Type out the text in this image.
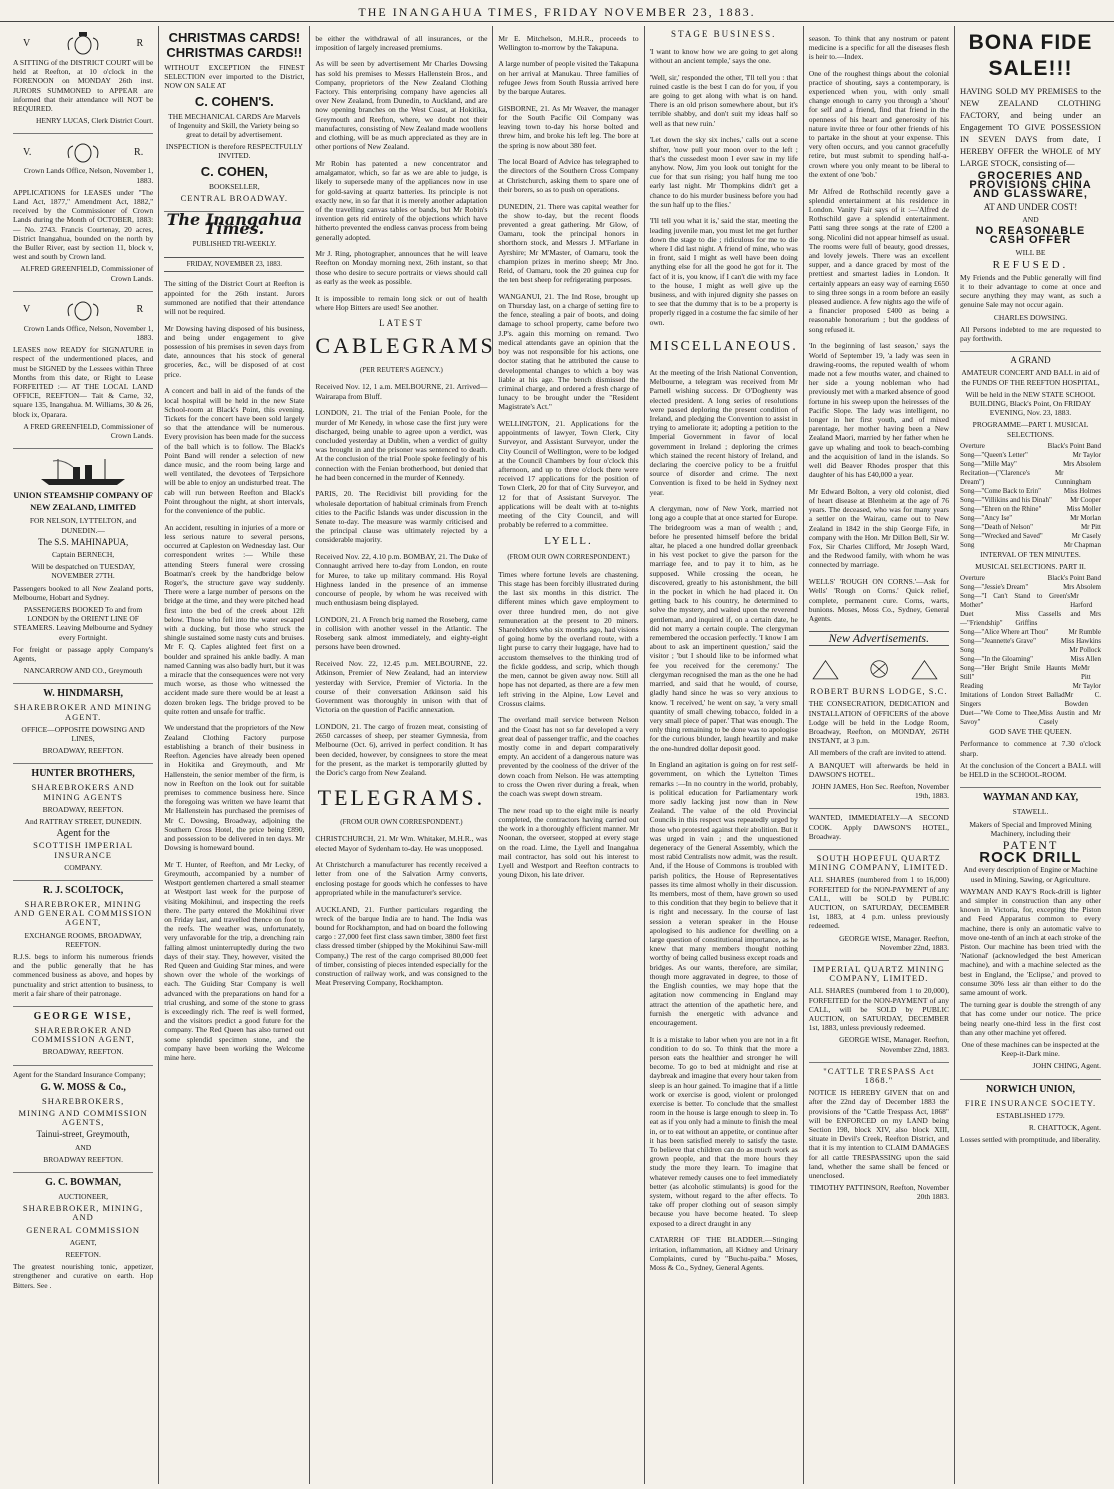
THE INANGAHUA TIMES, FRIDAY NOVEMBER 23, 1883.
V	R

A SITTING of the DISTRICT COURT will be held at Reefton, at 10 o'clock in the FORENOON on MONDAY 26th inst. JURORS SUMMONED to APPEAR are informed that their attendance will NOT be REQUIRED.

HENRY LUCAS, Clerk District Court.

V.	R.

Crown Lands Office, Nelson, November 1, 1883.

APPLICATIONS for LEASES under "The Land Act, 1877," Amendment Act, 1882," received by the Commissioner of Crown Lands during the Month of OCTOBER, 1883:— No. 2743. Francis Courtenay, 20 acres, District Inangahua, bounded on the north by the Buller River, east by section 11, block v, west and south by Crown land.

ALFRED GREENFIELD, Commissioner of Crown Lands.

V	R

Crown Lands Office, Nelson, November 1, 1883.

LEASES now READY for SIGNATURE in respect of the undermentioned places, and must be SIGNED by the Lessees within Three Months from this date, or Right to Lease FORFEITED :— AT THE LOCAL LAND OFFICE, REEFTON— Tait & Carne, 32, square 135, Inangahua. M. Williams, 30 & 26, block ix, Oparara.

A FRED GREENFIELD, Commissioner of Crown Lands.

UNION STEAMSHIP COMPANY OF NEW ZEALAND, LIMITED

FOR NELSON, LYTTELTON, and DUNEDIN.—

The S.S. MAHINAPUA,

Captain BERNECH,

Will be despatched on TUESDAY, NOVEMBER 27TH.

Passengers booked to all New Zealand ports, Melbourne, Hobart and Sydney.

PASSENGERS BOOKED To and from LONDON by the ORIENT LINE OF STEAMERS. Leaving Melbourne and Sydney every Fortnight.

For freight or passage apply Company's Agents,

NANCARROW AND CO., Greymouth

W. HINDMARSH,

SHAREBROKER AND MINING AGENT.

OFFICE—OPPOSITE DOWSING AND LINES,

BROADWAY, REEFTON.

HUNTER BROTHERS,

SHAREBROKERS AND MINING AGENTS

BROADWAY, REEFTON.

And RATTRAY STREET, DUNEDIN.

Agent for the

SCOTTISH IMPERIAL INSURANCE

COMPANY.

R. J. SCOLTOCK,

SHAREBROKER, MINING AND GENERAL COMMISSION AGENT,

EXCHANGE ROOMS, BROADWAY, REEFTON.

R.J.S. begs to inform his numerous friends and the public generally that he has commenced business as above, and hopes by punctuality and strict attention to business, to merit a fair share of their patronage.

GEORGE WISE,

SHAREBROKER AND COMMISSION AGENT,

BROADWAY, REEFTON.

Agent for the Standard Insurance Company;

G. W. MOSS & Co.,

SHAREBROKERS,

MINING AND COMMISSION AGENTS,

Tainui-street, Greymouth,

AND

BROADWAY REEFTON.

G. C. BOWMAN,

AUCTIONEER,

SHAREBROKER, MINING, AND

GENERAL COMMISSION

AGENT,

REEFTON.

The greatest nourishing tonic, appetizer, strengthener and curative on earth. Hop Bitters. See .

CHRISTMAS CARDS! CHRISTMAS CARDS!!

WITHOUT EXCEPTION the FINEST SELECTION ever imported to the District, NOW ON SALE AT

C. COHEN'S.

THE MECHANICAL CARDS Are Marvels of Ingenuity and Skill, the Variety being so great to detail by advertisement.

INSPECTION is therefore RESPECTFULLY INVITED.

C. COHEN,

BOOKSELLER,

CENTRAL BROADWAY.

The Inangahua Times.

PUBLISHED TRI-WEEKLY.

FRIDAY, NOVEMBER 23, 1883.

The sitting of the District Court at Reefton is appointed for the 26th instant. Jurors summoned are notified that their attendance will not be required.

Mr Dowsing having disposed of his business, and being under engagement to give possession of his premises in seven days from date, announces that his stock of general groceries, &c., will be disposed of at cost price.

A concert and ball in aid of the funds of the local hospital will be held in the new State School-room at Black's Point, this evening. Tickets for the concert have been sold largely so that the attendance will be numerous. Every provision has been made for the success of the ball which is to follow. The Black's Point Band will render a selection of new dance music, and the room being large and well ventilated, the devotees of Terpsichore will be able to enjoy an undisturbed treat. The cab will run between Reefton and Black's Point throughout the night, at short intervals, for the convenience of the public.

An accident, resulting in injuries of a more or less serious nature to several persons, occurred at Capleston on Wednesday last. Our correspondent writes :— While these attending Steers funeral were crossing Boatman's creek by the handbridge below Roger's, the structure gave way suddenly. There were a large number of persons on the bridge at the time, and they were pitched head first into the bed of the creek about 12ft below. Those who fell into the water escaped with a ducking, but those who struck the shingle sustained some nasty cuts and bruises. Mr F. Q. Caples alighted feet first on a boulder and sprained his ankle badly. A man named Canning was also badly hurt, but it was a miracle that the consequences were not very much worse, as those who witnessed the accident made sure there would be at least a dozen broken legs. The bridge proved to be quite rotten and unsafe for traffic.

We understand that the proprietors of the New Zealand Clothing Factory purpose establishing a branch of their business in Reefton. Agencies have already been opened in Hokitika and Greymouth, and Mr Hallenstein, the senior member of the firm, is now in Reefton on the look out for suitable premises to commence business here. Since the foregoing was written we have learnt that Mr Hallenstein has purchased the premises of Mr C. Dowsing, Broadway, adjoining the Southern Cross Hotel, the price being £890, and possession to be delivered in ten days. Mr Dowsing is homeward bound.

Mr T. Hunter, of Reefton, and Mr Lecky, of Greymouth, accompanied by a number of Westport gentlemen chartered a small steamer at Westport last week for the purpose of visiting Mokihinui, and inspecting the reefs there. The party entered the Mokihinui river on Friday last, and travelled thence on foot to the reefs. The weather was, unfortunately, very unfavorable for the trip, a drenching rain falling almost uninterruptedly during the two days of their stay. They, however, visited the Red Queen and Guiding Star mines, and were shown over the whole of the workings of each. The Guiding Star Company is well advanced with the preparations on hand for a trial crushing, and some of the stone to grass is exceedingly rich. The reef is well formed, and the visitors predict a good future for the company. The Red Queen has also turned out some splendid specimen stone, and the company have been working the Welcome mine here.

be either the withdrawal of all insurances, or the imposition of largely increased premiums.

As will be seen by advertisement Mr Charles Dowsing has sold his premises to Messrs Hallenstein Bros., and Company, proprietors of the New Zealand Clothing Factory. This enterprising company have agencies all over New Zealand, from Dunedin, to Auckland, and are now opening branches on the West Coast, at Hokitika, Greymouth and Reefton, where, we doubt not their manufactures, consisting of New Zealand made woollens and clothing, will be as much appreciated as they are in other portions of New Zealand.

Mr Robin has patented a new concentrator and amalgamator, which, so far as we are able to judge, is likely to supersede many of the appliances now in use for gold-saving at quartz batteries. Its principle is not exactly new, in so far that it is merely another adaptation of the travelling canvas tables or bands, but Mr Robin's invention gets rid entirely of the objections which have hitherto prevented the endless canvas process from being generally adopted.

Mr J. Ring, photographer, announces that he will leave Reefton on Monday morning next, 26th instant, so that those who desire to secure portraits or views should call as early as the week as possible.

It is impossible to remain long sick or out of health where Hop Bitters are used! See another.

LATEST

CABLEGRAMS

(PER REUTER'S AGENCY.)

Received Nov. 12, 1 a.m. MELBOURNE, 21. Arrived—Wairarapa from Bluff.

LONDON, 21. The trial of the Fenian Poole, for the murder of Mr Kenedy, in whose case the first jury were discharged, being unable to agree upon a verdict, was concluded yesterday at Dublin, when a verdict of guilty was brought in and the prisoner was sentenced to death. At the conclusion of the trial Poole spoke feelingly of his connection with the Fenian brotherhood, but denied that he had been concerned in the murder of Kennedy.

PARIS, 20. The Recidivist bill providing for the wholesale deportation of habitual criminals from French cities to the Pacific Islands was under discussion in the Senate to-day. The measure was warmly criticised and the principal clause was ultimately rejected by a considerable majority.

Received Nov. 22, 4.10 p.m. BOMBAY, 21. The Duke of Connaught arrived here to-day from London, en route for Muree, to take up military command. His Royal Highness landed in the presence of an immense concourse of people, by whom he was received with much enthusiasm being displayed.

LONDON, 21. A French brig named the Roseberg, came in collision with another vessel in the Atlantic. The Roseberg sank almost immediately, and eighty-eight persons have been drowned.

Received Nov. 22, 12.45 p.m. MELBOURNE, 22. Atkinson, Premier of New Zealand, had an interview yesterday with Service, Premier of Victoria. In the course of their conversation Atkinson said his Government was thoroughly in unison with that of Victoria on the question of Pacific annexation.

LONDON, 21. The cargo of frozen meat, consisting of 2650 carcasses of sheep, per steamer Gymnesia, from Melbourne (Oct. 6), arrived in perfect condition. It has been decided, however, by consignees to store the meat for the present, as the market is temporarily glutted by the Doric's cargo from New Zealand.

TELEGRAMS.

(FROM OUR OWN CORRESPONDENT.)

CHRISTCHURCH, 21. Mr Wm. Whitaker, M.H.R., was elected Mayor of Sydenham to-day. He was unopposed.

At Christchurch a manufacturer has recently received a letter from one of the Salvation Army converts, enclosing postage for goods which he confesses to have appropriated while in the manufacturer's service.

AUCKLAND, 21. Further particulars regarding the wreck of the barque India are to hand. The India was bound for Rockhampton, and had on board the following cargo : 27,000 feet first class sawn timber, 3800 feet first class dressed timber (shipped by the Mokihinui Saw-mill Company,) The rest of the cargo comprised 80,000 feet of timber, consisting of pieces intended especially for the construction of railway work, and was consigned to the Meat Preserving Company, Rockhampton.

Mr E. Mitchelson, M.H.R., proceeds to Wellington to-morrow by the Takapuna.

A large number of people visited the Takapuna on her arrival at Manukau. Three families of refugee Jews from South Russia arrived here by the barque Autares.

GISBORNE, 21. As Mr Weaver, the manager for the South Pacific Oil Company was leaving town to-day his horse bolted and threw him, and broke his left leg. The bore at the spring is now about 380 feet.

The local Board of Advice has telegraphed to the directors of the Southern Cross Company at Christchurch, asking them to spare one of their borers, so as to push on operations.

DUNEDIN, 21. There was capital weather for the show to-day, but the recent floods prevented a great gathering. Mr Glow, of Oamaru, took the principal honors in shorthorn stock, and Messrs J. M'Farlane in Ayrshire; Mr M'Master, of Oamaru, took the champion prizes in merino sheep; Mr Jno. Reid, of Oamaru, took the 20 guinea cup for the ten best sheep for refrigerating purposes.

WANGANUI, 21. The Ind Rose, brought up on Thursday last, on a charge of setting fire to the fence, stealing a pair of boots, and doing damage to school property, came before two J.P's. again this morning on remand. Two medical attendants gave an opinion that the boy was not responsible for his actions, one doctor stating that he attributed the cause to developmental changes to which a boy was liable at his age. The bench dismissed the criminal charge, and ordered a fresh charge of lunacy to be brought under the "Resident Magistrate's Act."

WELLINGTON, 21. Applications for the appointments of lawyer, Town Clerk, City Surveyor, and Assistant Surveyor, under the City Council of Wellington, were to be lodged at the Council Chambers by four o'clock this afternoon, and up to three o'clock there were received 17 applications for the position of Town Clerk, 20 for that of City Surveyor, and 12 for that of Assistant Surveyor. The applications will be dealt with at to-nights meeting of the City Council, and will probably be referred to a committee.

LYELL.

(FROM OUR OWN CORRESPONDENT.)

Times where fortune levels are chastening. This stage has been forcibly illustrated during the last six months in this district. The different mines which gave employment to over three hundred men, do not give remuneration at the present to 20 miners. Shareholders who six months ago, had visions of going home by the overland route, with a light purse to carry their luggage, have had to accustom themselves to the thinking trod of the fickle goddess, and scrip, which though the men, cannot be given away now. Still all hope has not departed, as there are a few men left striving in the Alpine, Low Level and Crossus claims.

The overland mail service between Nelson and the Coast has not so far developed a very great deal of passenger traffic, and the coaches mostly come in and depart comparatively empty. An accident of a dangerous nature was prevented by the coolness of the driver of the down coach from Nelson. He was attempting to cross the Owen river during a freak, when the coach was swept down stream.

The new road up to the eight mile is nearly completed, the contractors having carried out the work in a thoroughly efficient manner. Mr Noonan, the overseer, stopped at every stage on the road. Lime, the Lyell and Inangahua mail contractor, has sold out his interest to Lyell and Westport and Reefton contracts to young Dixon, his late driver.

STAGE BUSINESS.

'I want to know how we are going to get along without an ancient temple,' says the one.

'Well, sir,' responded the other, 'I'll tell you : that ruined castle is the best I can do for you, if you are going to get along with what is on hand. There is an old prison somewhere about, but it's terrible shabby, and don't suit my ideas half so well as that new ruin.'

'Let down the sky six inches,' calls out a scene shifter, 'now pull your moon over to the left ; that's the cussedest moon I ever saw in my life anyhow. Now, Jim you look out tonight for the cue for that sun rising; you half hung me too early last night. Mr Thompkins didn't get a chance to do his murder business before you had the sun half up to the flies.'

'I'll tell you what it is,' said the star, meeting the leading juvenile man, you must let me get further down the stage to die ; ridiculous for me to die where I did last night. A friend of mine, who was in front, said I might as well have been doing anything else for all the good he got for it. The fact of it is, you know, if I can't die with my face to the house, I might as well give up the business, and with injured dignity she passes on to see that the dummy that is to be a property is properly rigged in a costume the fac simile of her own.

MISCELLANEOUS.

At the meeting of the Irish National Convention, Melbourne, a telegram was received from Mr Parnell wishing success. Dr O'Doghenty was elected president. A long series of resolutions were passed deploring the present condition of Ireland, and pledging the Convention to assist in trying to ameliorate it; adopting a petition to the Imperial Government in favor of local government in Ireland ; deploring the crimes which stained the recent history of Ireland, and declaring the coercive policy to be a fruitful source of disorder and crime. The next Convention is fixed to be held in Sydney next year.

A clergyman, now of New York, married not long ago a couple that at once started for Europe. The bridegroom was a man of wealth ; and, before he presented himself before the bridal altar, he placed a one hundred dollar greenback in his vest pocket to give the parson for the marriage fee, and to pay it to him, as he supposed. While crossing the ocean, he discovered, greatly to his astonishment, the bill in the pocket in which he had placed it. On getting back to his country, he determined to solve the mystery, and waited upon the reverend gentleman, and inquired if, on a certain date, he did not marry a certain couple. The clergyman remembered the occasion perfectly. 'I know I am about to ask an impertinent question,' said the visitor ; 'but I should like to be informed what fee you received for the ceremony.' The clergyman recognised the man as the one he had married, and said that he would, of course, gladly hand since he was so very anxious to know. 'I received,' he went on say, 'a very small quantity of small chewing tobacco, folded in a very small piece of paper.' That was enough. The only thing remaining to be done was to apologise for the curious blunder, laugh heartily and make the one-hundred dollar deposit good.

In England an agitation is going on for rest self-government, on which the Lyttelton Times remarks :—In no country in the world, probably, is political education for Parliamentary work more sadly lacking just now than in New Zealand. The value of the old Provincial Councils in this respect was repeatedly urged by those who protested against their abolition. But it was urged in vain ; and the unquestioned degeneracy of the General Assembly, which the most rabid Centralists now admit, was the result. And, if the House of Commons is troubled with parish politics, the House of Representatives passes its time almost wholly in their discussion. Its members, most of them, have grown so used to this condition that they begin to believe that it is right and necessary. In the course of last session a veteran speaker in the House apologised to his audience for dwelling on a large question of constitutional importance, as he knew that many members thought nothing worthy of being called business except roads and bridges. As our wants, therefore, are similar, though more aggravated in degree, to those of the English counties, we may hope that the agitation now commencing in England may attract the attention of the apathetic here, and furnish the energetic with advance and encouragement.

It is a mistake to labor when you are not in a fit condition to do so. To think that the more a person eats the healthier and stronger he will become. To go to bed at midnight and rise at daybreak and imagine that every hour taken from sleep is an hour gained. To imagine that if a little work or exercise is good, violent or prolonged exercise is better. To conclude that the smallest room in the house is large enough to sleep in. To eat as if you only had a minute to finish the meal in, or to eat without an appetite, or continue after it has been satisfied merely to satisfy the taste. To believe that children can do as much work as grown people, and that the more hours they study the more they learn. To imagine that whatever remedy causes one to feel immediately better (as alcoholic stimulants) is good for the system, without regard to the after effects. To take off proper clothing out of season simply because you have become heated. To sleep exposed to a direct draught in any

CATARRH OF THE BLADDER.—Stinging irritation, inflammation, all Kidney and Urinary Complaints, cured by "Buchu-paiba." Moses, Moss & Co., Sydney, General Agents.

season. To think that any nostrum or patent medicine is a specific for all the diseases flesh is heir to.—Index.

One of the roughest things about the colonial practice of shouting, says a contemporary, is experienced when you, with only small change enough to carry you through a 'shout' for self and a friend, find that friend in the openness of his heart and generosity of his nature invite three or four other friends of his to partake in the shout at your expense. This very often occurs, and you cannot gracefully retire, but must submit to spending half-a-crown where you only meant to be liberal to the extent of one 'bob.'

Mr Alfred de Rothschild recently gave a splendid entertainment at his residence in London. Vanity Fair says of it :—'Alfred de Rothschild gave a splendid entertainment. Patti sang three songs at the rate of £200 a song. Nicolini did not appear himself as usual. The rooms were full of beauty, good dresses, and lovely jewels. There was an excellent supper, and a dance graced by most of the prettiest and smartest ladies in London. It certainly appears an easy way of earning £650 to sing three songs in a room before an easily pleased audience. A few nights ago the wife of a financier proposed £400 as being a reasonable honorarium ; but the goddess of song refused it.

'In the beginning of last season,' says the World of September 19, 'a lady was seen in drawing-rooms, the reputed wealth of whom made not a few mouths water, and chained to her side a young nobleman who had previously met with a marked absence of good fortune in his sweep upon the heiresses of the Pacific Slope. The lady was intelligent, no longer in her first youth, and of mixed parentage, her mother having been a New Zealand Maori, married by her father when he gave up whaling and took to beach-combing and the acquisition of land in the islands. So well did Beaver Rhodes prosper that this daughter of his has £40,000 a year.

Mr Edward Bolton, a very old colonist, died of heart disease at Blenheim at the age of 76 years. The deceased, who was for many years a settler on the Wairau, came out to New Zealand in 1842 in the ship George Fife, in company with the Hon. Mr Dillon Bell, Sir W. Fox, Sir Charles Clifford, Mr Joseph Ward, and the Redwood family, with whom he was connected by marriage.

WELLS' 'ROUGH ON CORNS.'—Ask for Wells' 'Rough on Corns.' Quick relief, complete, permanent cure. Corns, warts, bunions. Moses, Moss Co., Sydney, General Agents.

New Advertisements.

ROBERT BURNS LODGE, S.C.

THE CONSECRATION, DEDICATION and INSTALLATION of OFFICERS of the above Lodge will be held in the Lodge Room, Broadway, Reefton, on MONDAY, 26TH INSTANT, at 3 p.m.

All members of the craft are invited to attend.

A BANQUET will afterwards be held in DAWSON'S HOTEL.

JOHN JAMES, Hon Sec. Reefton, November 19th, 1883.

WANTED, IMMEDIATELY—A SECOND COOK. Apply DAWSON'S HOTEL, Broadway.

SOUTH HOPEFUL QUARTZ MINING COMPANY, LIMITED.

ALL SHARES (numbered from 1 to 16,000) FORFEITED for the NON-PAYMENT of any CALL, will be SOLD by PUBLIC AUCTION, on SATURDAY, DECEMBER 1st, 1883, at 4 p.m. unless previously redeemed.

GEORGE WISE, Manager. Reefton, November 22nd, 1883.

IMPERIAL QUARTZ MINING COMPANY, LIMITED.

ALL SHARES (numbered from 1 to 20,000), FORFEITED for the NON-PAYMENT of any CALL, will be SOLD by PUBLIC AUCTION, on SATURDAY, DECEMBER 1st, 1883, unless previously redeemed.

GEORGE WISE, Manager. Reefton, November 22nd, 1883.

"CATTLE TRESPASS Act 1868."

NOTICE IS HEREBY GIVEN that on and after the 22nd day of December 1883 the provisions of the "Cattle Trespass Act, 1868" will be ENFORCED on my LAND being Section 198, block XIV, also block XIII, situate in Devil's Creek, Reefton District, and that it is my intention to CLAIM DAMAGES for all cattle TRESPASSING upon the said land, whether the same shall be fenced or unenclosed.

TIMOTHY PATTINSON, Reefton, November 20th 1883.

BONA FIDE SALE!!!

HAVING SOLD MY PREMISES to the NEW ZEALAND CLOTHING FACTORY, and being under an Engagement TO GIVE POSSESSION IN SEVEN DAYS from date, I HEREBY OFFER the WHOLE of MY LARGE STOCK, consisting of—

GROCERIES AND PROVISIONS CHINA AND GLASSWARE,

AT AND UNDER COST!

AND

NO REASONABLE CASH OFFER

WILL BE

REFUSED.

My Friends and the Public generally will find it to their advantage to come at once and secure anything they may want, as such a genuine Sale may not occur again.

CHARLES DOWSING.

All Persons indebted to me are requested to pay forthwith.

A GRAND

AMATEUR CONCERT AND BALL in aid of the FUNDS OF THE REEFTON HOSPITAL,

Will be held in the NEW STATE SCHOOL BUILDING, Black's Point, On FRIDAY EVENING, Nov. 23, 1883.

PROGRAMME—PART I. MUSICAL SELECTIONS.

Overture	Black's Point Band
Song—"Queen's Letter"	Mr Taylor
Song—"Mille May"	Mrs Absolem
Recitation—("Clarence's Dream")
Mr Cunningham
Song—"Come Back to Erin"	Miss Holmes
Song—"Villikins and his Dinah"	Mr Cooper
Song—"Ehren on the Rhine"	Miss Moller
Song—"Ancy Ise"	Mr Morlan
Song—"Death of Nelson"	Mr Pitt
Song—"Wrecked and Saved"	Mr Casely
Song	Mr Chapman

INTERVAL OF TEN MINUTES.

MUSICAL SELECTIONS. PART II.

Overture	Black's Point Band
Song—"Jessie's Dream"	Mrs Absolem
Song—"I Can't Stand to Green's Mother"
Mr Harford
Duet—"Friendship"
Miss Cassells and Mrs Griffins
Song—"Alice Where art Thou"	Mr Rumble
Song—"Jeannette's Grave"	Miss Hawkins
Song	Mr Pollock
Song—"In the Gloaming"	Miss Allen
Song—"Her Bright Smile Haunts Me Still"
Mr Pitt
Reading	Mr Taylor
Imitations of London Street Ballad Singers
Mr C. Bowden
Duet—"We Come to Thee, Savoy"
Miss Austin and Mr Casely

GOD SAVE THE QUEEN.

Performance to commence at 7.30 o'clock sharp.

At the conclusion of the Concert a BALL will be HELD in the SCHOOL-ROOM.

WAYMAN AND KAY,

STAWELL.

Makers of Special and Improved Mining Machinery, including their

PATENT

ROCK DRILL

And every description of Engine or Machine used in Mining, Sawing, or Agriculture.

WAYMAN AND KAY'S Rock-drill is lighter and simpler in construction than any other known in Victoria, for, excepting the Piston and Feed Apparatus common to every machine, there is only an automatic valve to move one-tenth of an inch at each stroke of the Piston. Our machine has been tried with the 'National' (acknowledged the best American machine), and with a machine selected as the best in England, the 'Eclipse,' and proved to consume 30% less air than either to do the same amount of work.

The turning gear is double the strength of any that has come under our notice. The price being nearly one-third less in the first cost than any other machine yet offered.

One of these machines can be inspected at the Keep-it-Dark mine.

JOHN CHING, Agent.

NORWICH UNION,

FIRE INSURANCE SOCIETY.

ESTABLISHED 1779.

R. CHATTOCK, Agent.

Losses settled with promptitude, and liberality.
